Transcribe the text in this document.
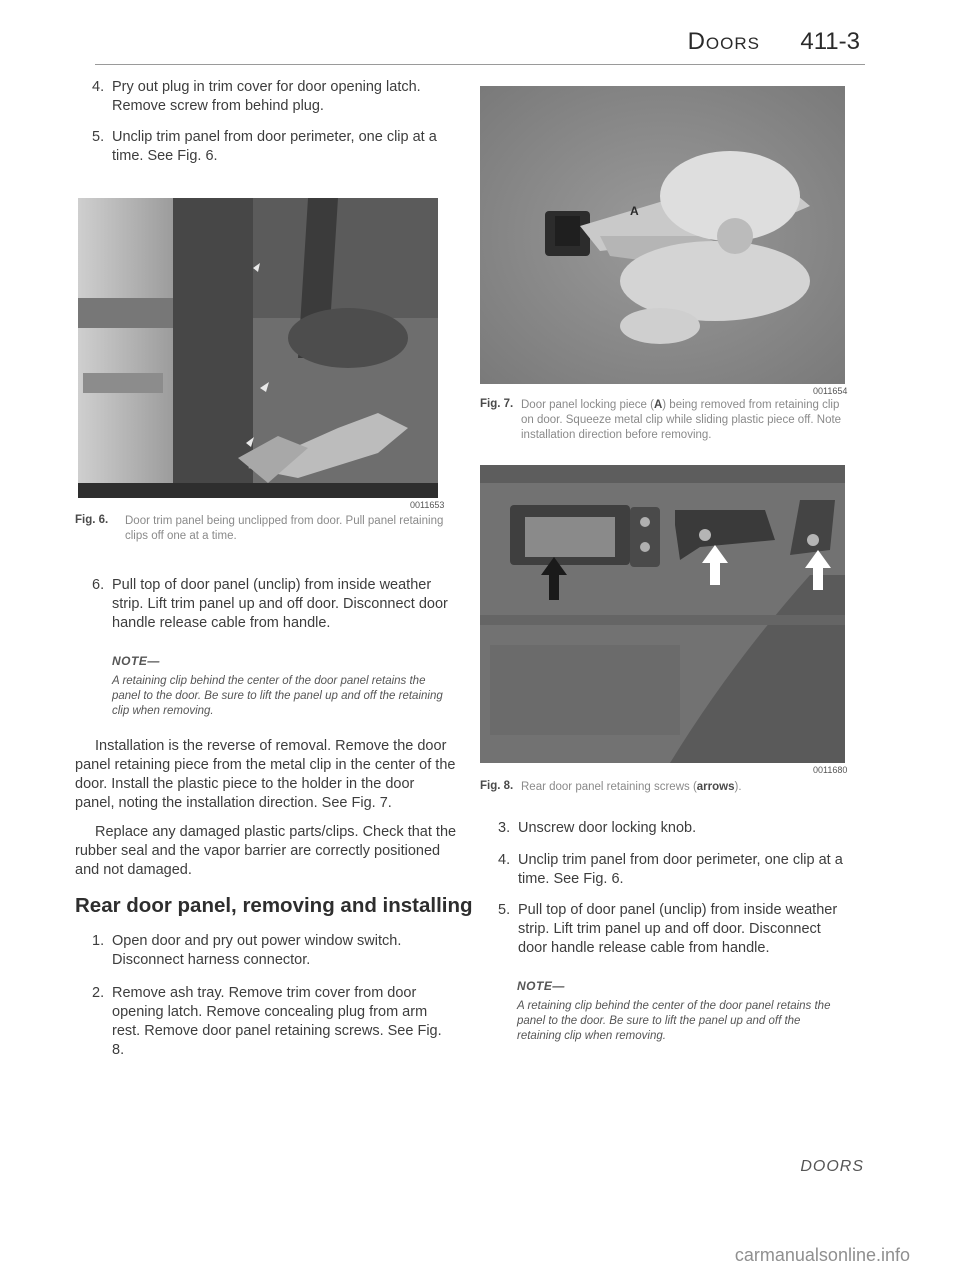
Doors 411-3
4. Pry out plug in trim cover for door opening latch. Remove screw from behind plug.
5. Unclip trim panel from door perimeter, one clip at a time. See Fig. 6.
0011653
Fig. 6. Door trim panel being unclipped from door. Pull panel retaining clips off one at a time.
6. Pull top of door panel (unclip) from inside weather strip. Lift trim panel up and off door. Disconnect door handle release cable from handle.
NOTE—
A retaining clip behind the center of the door panel retains the panel to the door. Be sure to lift the panel up and off the retaining clip when removing.
Installation is the reverse of removal. Remove the door panel retaining piece from the metal clip in the center of the door. Install the plastic piece to the holder in the door panel, noting the installation direction. See Fig. 7.
Replace any damaged plastic parts/clips. Check that the rubber seal and the vapor barrier are correctly positioned and not damaged.
Rear door panel, removing and installing
1. Open door and pry out power window switch. Disconnect harness connector.
2. Remove ash tray. Remove trim cover from door opening latch. Remove concealing plug from arm rest. Remove door panel retaining screws. See Fig. 8.
A
0011654
Fig. 7. Door panel locking piece (A) being removed from retaining clip on door. Squeeze metal clip while sliding plastic piece off. Note installation direction before removing.
0011680
Fig. 8. Rear door panel retaining screws (arrows).
3. Unscrew door locking knob.
4. Unclip trim panel from door perimeter, one clip at a time. See Fig. 6.
5. Pull top of door panel (unclip) from inside weather strip. Lift trim panel up and off door. Disconnect door handle release cable from handle.
NOTE—
A retaining clip behind the center of the door panel retains the panel to the door. Be sure to lift the panel up and off the retaining clip when removing.
DOORS
carmanualsonline.info
